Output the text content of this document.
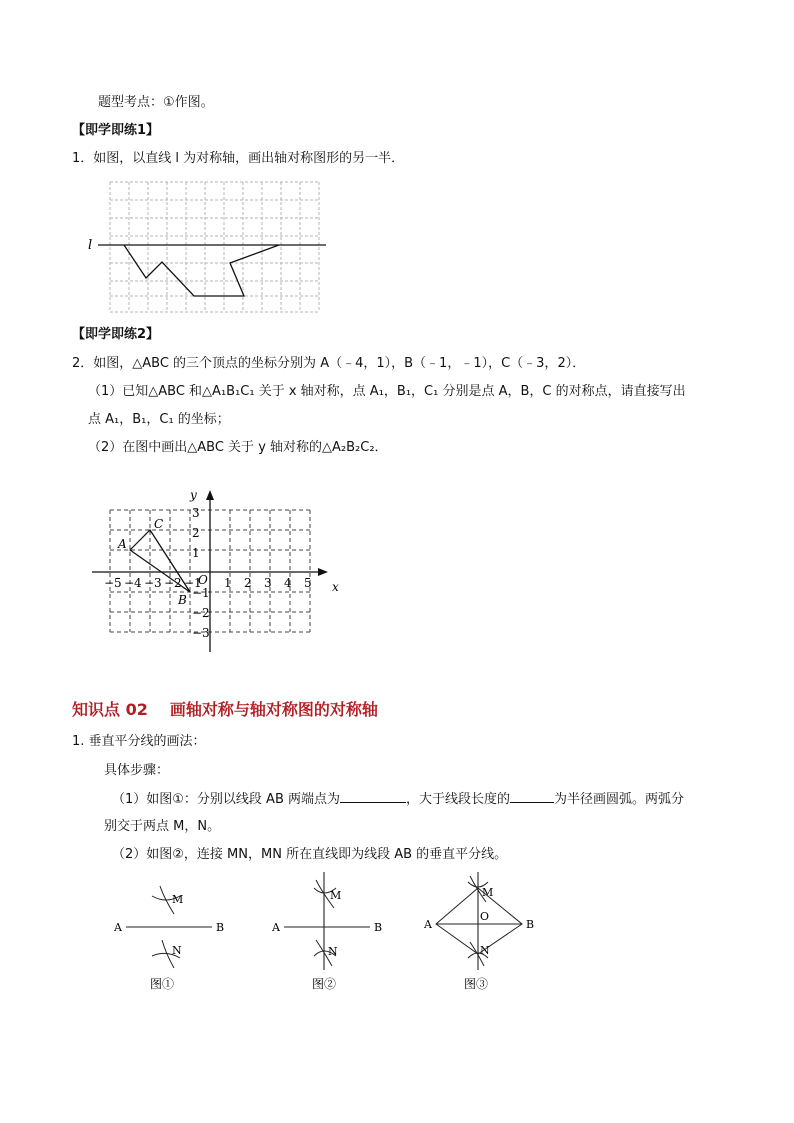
题型考点：①作图。
【即学即练1】
1．如图，以直线 l 为对称轴，画出轴对称图形的另一半．
l
【即学即练2】
2．如图，△ABC 的三个顶点的坐标分别为 A（﹣4，1），B（﹣1，﹣1），C（﹣3，2）．
（1）已知△ABC 和△A₁B₁C₁ 关于 x 轴对称，点 A₁，B₁，C₁ 分别是点 A，B，C 的对称点，请直接写出
点 A₁，B₁，C₁ 的坐标；
（2）在图中画出△ABC 关于 y 轴对称的△A₂B₂C₂．
x
y
O
A
B
C
−5 −4 −3 −2 −1 1 2 3 4 5
3
2
1
−1
−2
−3
知识点 02 画轴对称与轴对称图的对称轴
1. 垂直平分线的画法：
具体步骤：
（1）如图①：分别以线段 AB 两端点为	，大于线段长度的	为半径画圆弧。两弧分
别交于两点 M，N。
（2）如图②，连接 MN，MN 所在直线即为线段 AB 的垂直平分线。
A	B
M
N
图①
A	B
M
N
图②
A	B
M
O
N
图③
